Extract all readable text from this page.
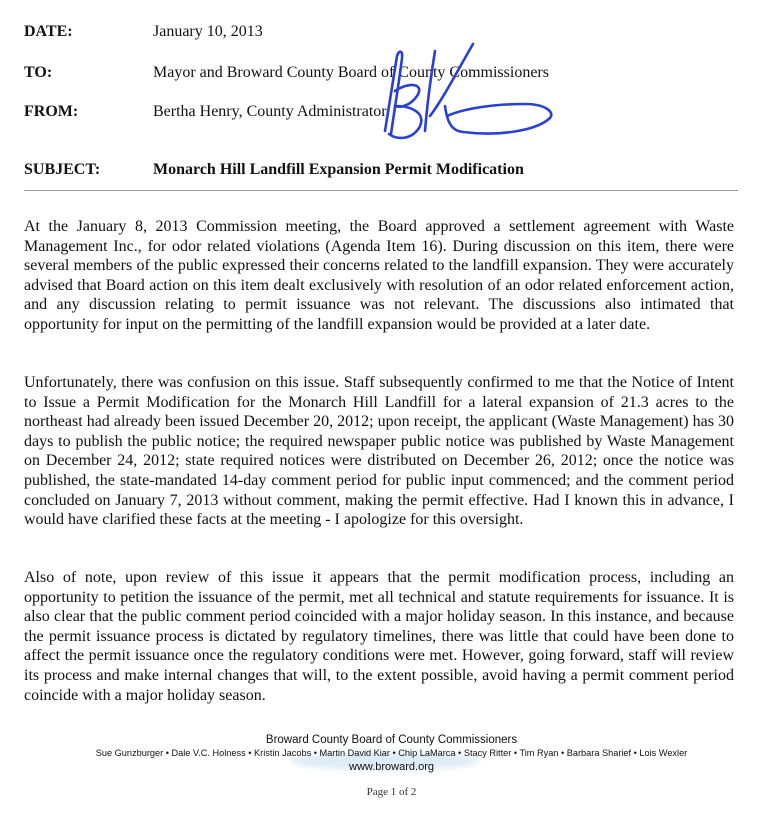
DATE:	January 10, 2013
TO:	Mayor and Broward County Board of County Commissioners
FROM:	Bertha Henry, County Administrator
SUBJECT:	Monarch Hill Landfill Expansion Permit Modification

At the January 8, 2013 Commission meeting, the Board approved a settlement agreement with Waste Management Inc., for odor related violations (Agenda Item 16). During discussion on this item, there were several members of the public expressed their concerns related to the landfill expansion. They were accurately advised that Board action on this item dealt exclusively with resolution of an odor related enforcement action, and any discussion relating to permit issuance was not relevant. The discussions also intimated that opportunity for input on the permitting of the landfill expansion would be provided at a later date.

Unfortunately, there was confusion on this issue. Staff subsequently confirmed to me that the Notice of Intent to Issue a Permit Modification for the Monarch Hill Landfill for a lateral expansion of 21.3 acres to the northeast had already been issued December 20, 2012; upon receipt, the applicant (Waste Management) has 30 days to publish the public notice; the required newspaper public notice was published by Waste Management on December 24, 2012; state required notices were distributed on December 26, 2012; once the notice was published, the state-mandated 14-day comment period for public input commenced; and the comment period concluded on January 7, 2013 without comment, making the permit effective. Had I known this in advance, I would have clarified these facts at the meeting - I apologize for this oversight.

Also of note, upon review of this issue it appears that the permit modification process, including an opportunity to petition the issuance of the permit, met all technical and statute requirements for issuance. It is also clear that the public comment period coincided with a major holiday season. In this instance, and because the permit issuance process is dictated by regulatory timelines, there was little that could have been done to affect the permit issuance once the regulatory conditions were met. However, going forward, staff will review its process and make internal changes that will, to the extent possible, avoid having a permit comment period coincide with a major holiday season.

Broward County Board of County Commissioners
Sue Gunzburger • Dale V.C. Holness • Kristin Jacobs • Martin David Kiar • Chip LaMarca • Stacy Ritter • Tim Ryan • Barbara Sharief • Lois Wexler
www.broward.org
Page 1 of 2
